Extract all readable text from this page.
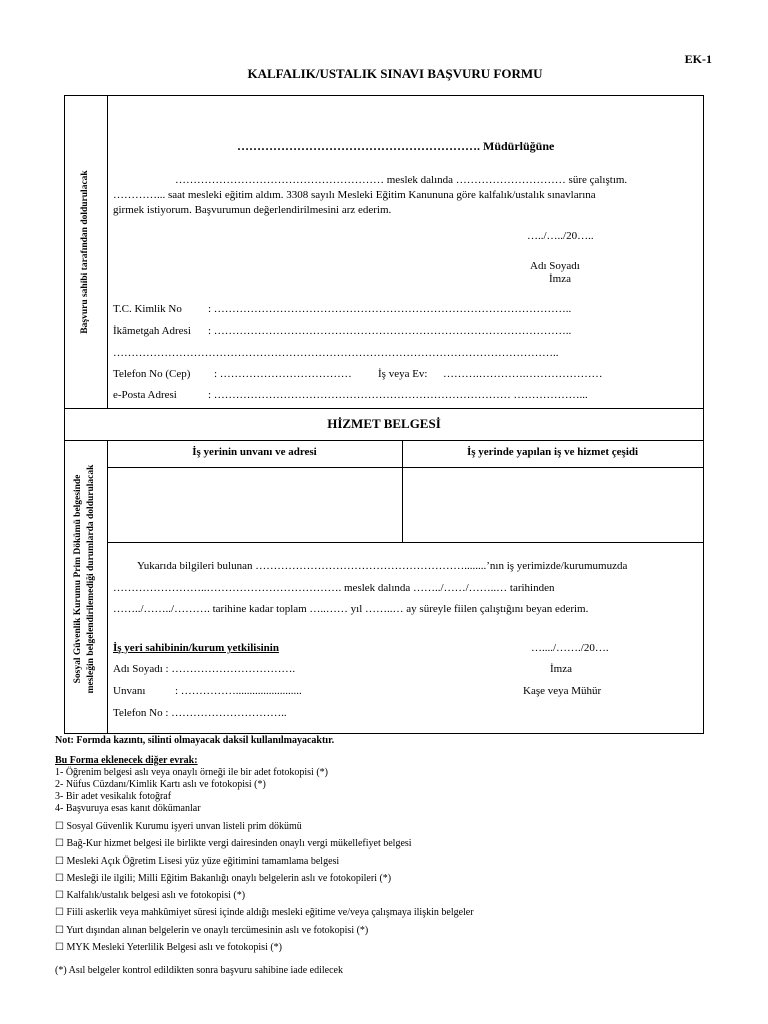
EK-1
KALFALIK/USTALIK SINAVI BAŞVURU FORMU
Başvuru sahibi tarafından doldurulacak
Sosyal Güvenlik Kurumu Prim Dökümü belgesinde mesleğin belgelendirilemediği durumlarda doldurulacak
……………………………………………………. Müdürlüğüne
………………………………………………… meslek dalında ………………………… süre çalıştım.
…………... saat mesleki eğitim aldım. 3308 sayılı Mesleki Eğitim Kanununa göre kalfalık/ustalık sınavlarına
girmek istiyorum. Başvurumun değerlendirilmesini arz ederim.
…../…../20…..
Adı Soyadı
İmza
T.C. Kimlik No : ……………………………………………………………………………………..
İkâmetgah Adresi : ……………………………………………………………………………………..
…………………………………………………………………………………………………………..
Telefon No (Cep) : ……………………………… İş veya Ev: ……….………….…………………
e-Posta Adresi	: ……………………………………………………………………… ………………...
HİZMET BELGESİ
İş yerinin unvanı ve adresi	İş yerinde yapılan iş ve hizmet çeşidi
Yukarıda bilgileri bulunan …………………………………………………........’nın iş yerimizde/kurumumuzda
……………………..………………………………. meslek dalında ……../……/……..… tarihinden
……../……../………. tarihine kadar toplam …..…… yıl ……..… ay süreyle fiilen çalıştığını beyan ederim.
İş yeri sahibinin/kurum yetkilisinin	…..../……./20….
Adı Soyadı : …………………………….	İmza
Unvanı	: ……………........................	Kaşe veya Mühür
Telefon No : …………………………..
Not: Formda kazıntı, silinti olmayacak daksil kullanılmayacaktır.
Bu Forma eklenecek diğer evrak:
1- Öğrenim belgesi aslı veya onaylı örneği ile bir adet fotokopisi (*)
2- Nüfus Cüzdanı/Kimlik Kartı aslı ve fotokopisi (*)
3- Bir adet vesikalık fotoğraf
4- Başvuruya esas kanıt dökümanlar
☐ Sosyal Güvenlik Kurumu işyeri unvan listeli prim dökümü
☐ Bağ-Kur hizmet belgesi ile birlikte vergi dairesinden onaylı vergi mükellefiyet belgesi
☐ Mesleki Açık Öğretim Lisesi yüz yüze eğitimini tamamlama belgesi
☐ Mesleği ile ilgili; Milli Eğitim Bakanlığı onaylı belgelerin aslı ve fotokopileri (*)
☐ Kalfalık/ustalık belgesi aslı ve fotokopisi (*)
☐ Fiili askerlik veya mahkûmiyet süresi içinde aldığı mesleki eğitime ve/veya çalışmaya ilişkin belgeler
☐ Yurt dışından alınan belgelerin ve onaylı tercümesinin aslı ve fotokopisi (*)
☐ MYK Mesleki Yeterlilik Belgesi aslı ve fotokopisi (*)
(*) Asıl belgeler kontrol edildikten sonra başvuru sahibine iade edilecek
